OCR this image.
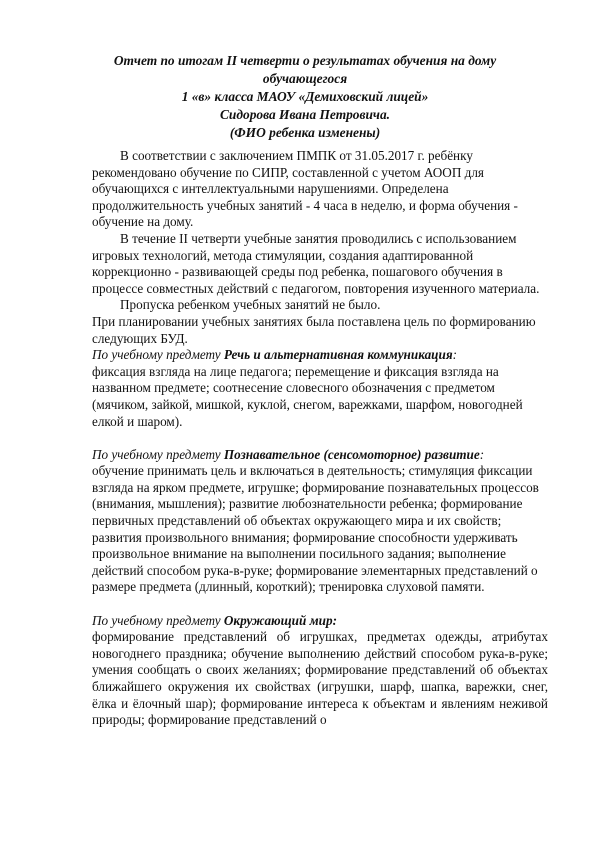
Отчет по итогам II четверти о результатах обучения на дому
обучающегося
1 «в» класса МАОУ «Демиховский лицей»
Сидорова Ивана Петровича.
(ФИО ребенка изменены)

В соответствии с заключением ПМПК от 31.05.2017 г. ребёнку рекомендовано обучение по СИПР, составленной с учетом АООП для обучающихся с интеллектуальными нарушениями. Определена продолжительность учебных занятий - 4 часа в неделю, и форма обучения - обучение на дому.

В течение II четверти учебные занятия проводились с использованием игровых технологий, метода стимуляции, создания адаптированной коррекционно - развивающей среды под ребенка, пошагового обучения в процессе совместных действий с педагогом, повторения изученного материала.

Пропуска ребенком учебных занятий не было.

При планировании учебных занятиях была поставлена цель по формированию следующих БУД.

По учебному предмету Речь и альтернативная коммуникация:

фиксация взгляда на лице педагога; перемещение и фиксация взгляда на названном предмете; соотнесение словесного обозначения с предметом (мячиком, зайкой, мишкой, куклой, снегом, варежками, шарфом, новогодней елкой и шаром).

По учебному предмету Познавательное (сенсомоторное) развитие:

обучение принимать цель и включаться в деятельность; стимуляция фиксации взгляда на ярком предмете, игрушке; формирование познавательных процессов (внимания, мышления); развитие любознательности ребенка; формирование первичных представлений об объектах окружающего мира и их свойств; развития произвольного внимания; формирование способности удерживать произвольное внимание на выполнении посильного задания; выполнение действий способом рука-в-руке; формирование элементарных представлений о размере предмета (длинный, короткий); тренировка слуховой памяти.

По учебному предмету Окружающий мир:

формирование представлений об игрушках, предметах одежды, атрибутах новогоднего праздника; обучение выполнению действий способом рука-в-руке; умения сообщать о своих желаниях; формирование представлений об объектах ближайшего окружения их свойствах (игрушки, шарф, шапка, варежки, снег, ёлка и ёлочный шар); формирование интереса к объектам и явлениям неживой природы; формирование представлений о
